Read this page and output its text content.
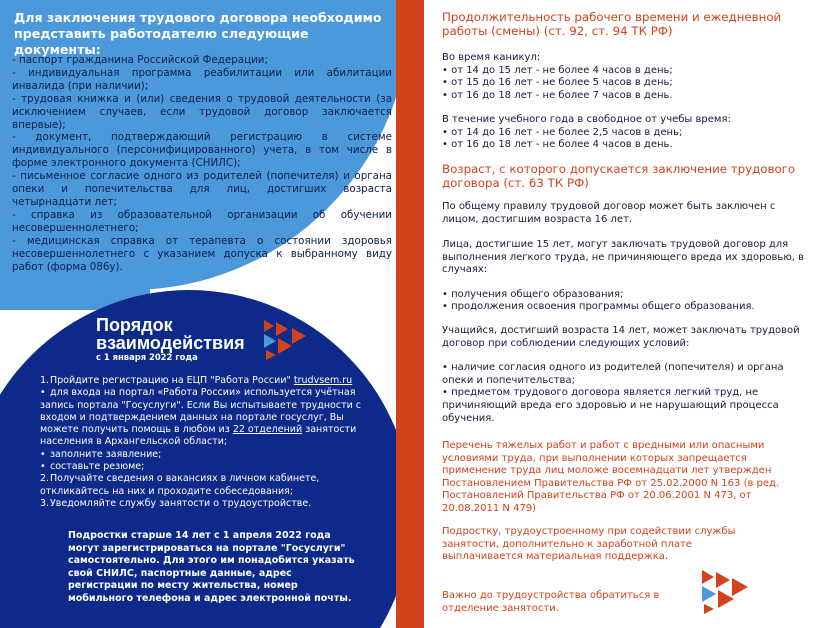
Для заключения трудового договора необходимо представить работодателю следующие документы:
- паспорт гражданина Российской Федерации;
- индивидуальная программа реабилитации или абилитации инвалида (при наличии);
- трудовая книжка и (или) сведения о трудовой деятельности (за исключением случаев, если трудовой договор заключается впервые);
- документ, подтверждающий регистрацию в системе индивидуального (персонифицированного) учета, в том числе в форме электронного документа (СНИЛС);
- письменное согласие одного из родителей (попечителя) и органа опеки и попечительства для лиц, достигших возраста четырнадцати лет;
- справка из образовательной организации об обучении несовершеннолетнего;
- медицинская справка от терапевта о состоянии здоровья несовершеннолетнего с указанием допуска к выбранному виду работ (форма 086у).
Порядок
взаимодействия
с 1 января 2022 года
1.Пройдите регистрацию на ЕЦП "Работа России" trudvsem.ru
• для входа на портал «Работа России» используется учётная запись портала "Госуслуги". Если Вы испытываете трудности с входом и подтверждением данных на портале госуслуг, Вы можете получить помощь в любом из 22 отделений занятости населения в Архангельской области;
• заполните заявление;
• составьте резюме;
2.Получайте сведения о вакансиях в личном кабинете, откликайтесь на них и проходите собеседования;
3.Уведомляйте службу занятости о трудоустройстве.
Подростки старше 14 лет с 1 апреля 2022 года могут зарегистрироваться на портале "Госуслуги" самостоятельно. Для этого им понадобится указать свой СНИЛС, паспортные данные, адрес регистрации по месту жительства, номер мобильного телефона и адрес электронной почты.
Продолжительность рабочего времени и ежедневной работы (смены) (ст. 92, ст. 94 ТК РФ)
Во время каникул:
• от 14 до 15 лет - не более 4 часов в день;
• от 15 до 16 лет - не более 5 часов в день;
• от 16 до 18 лет - не более 7 часов в день.
В течение учебного года в свободное от учебы время:
• от 14 до 16 лет - не более 2,5 часов в день;
• от 16 до 18 лет - не более 4 часов в день.
Возраст, с которого допускается заключение трудового договора (ст. 63 ТК РФ)
По общему правилу трудовой договор может быть заключен с лицом, достигшим возраста 16 лет.
Лица, достигшие 15 лет, могут заключать трудовой договор для выполнения легкого труда, не причиняющего вреда их здоровью, в случаях:
• получения общего образования;
• продолжения освоения программы общего образования.
Учащийся, достигший возраста 14 лет, может заключать трудовой договор при соблюдении следующих условий:
• наличие согласия одного из родителей (попечителя) и органа опеки и попечительства;
• предметом трудового договора является легкий труд, не причиняющий вреда его здоровью и не нарушающий процесса обучения.
Перечень тяжелых работ и работ с вредными или опасными условиями труда, при выполнении которых запрещается применение труда лиц моложе восемнадцати лет утвержден Постановлением Правительства РФ от 25.02.2000 N 163 (в ред. Постановлений Правительства РФ от 20.06.2001 N 473, от 20.08.2011 N 479)
Подростку, трудоустроенному при содействии службы занятости, дополнительно к заработной плате выплачивается материальная поддержка.
Важно до трудоустройства обратиться в отделение занятости.
